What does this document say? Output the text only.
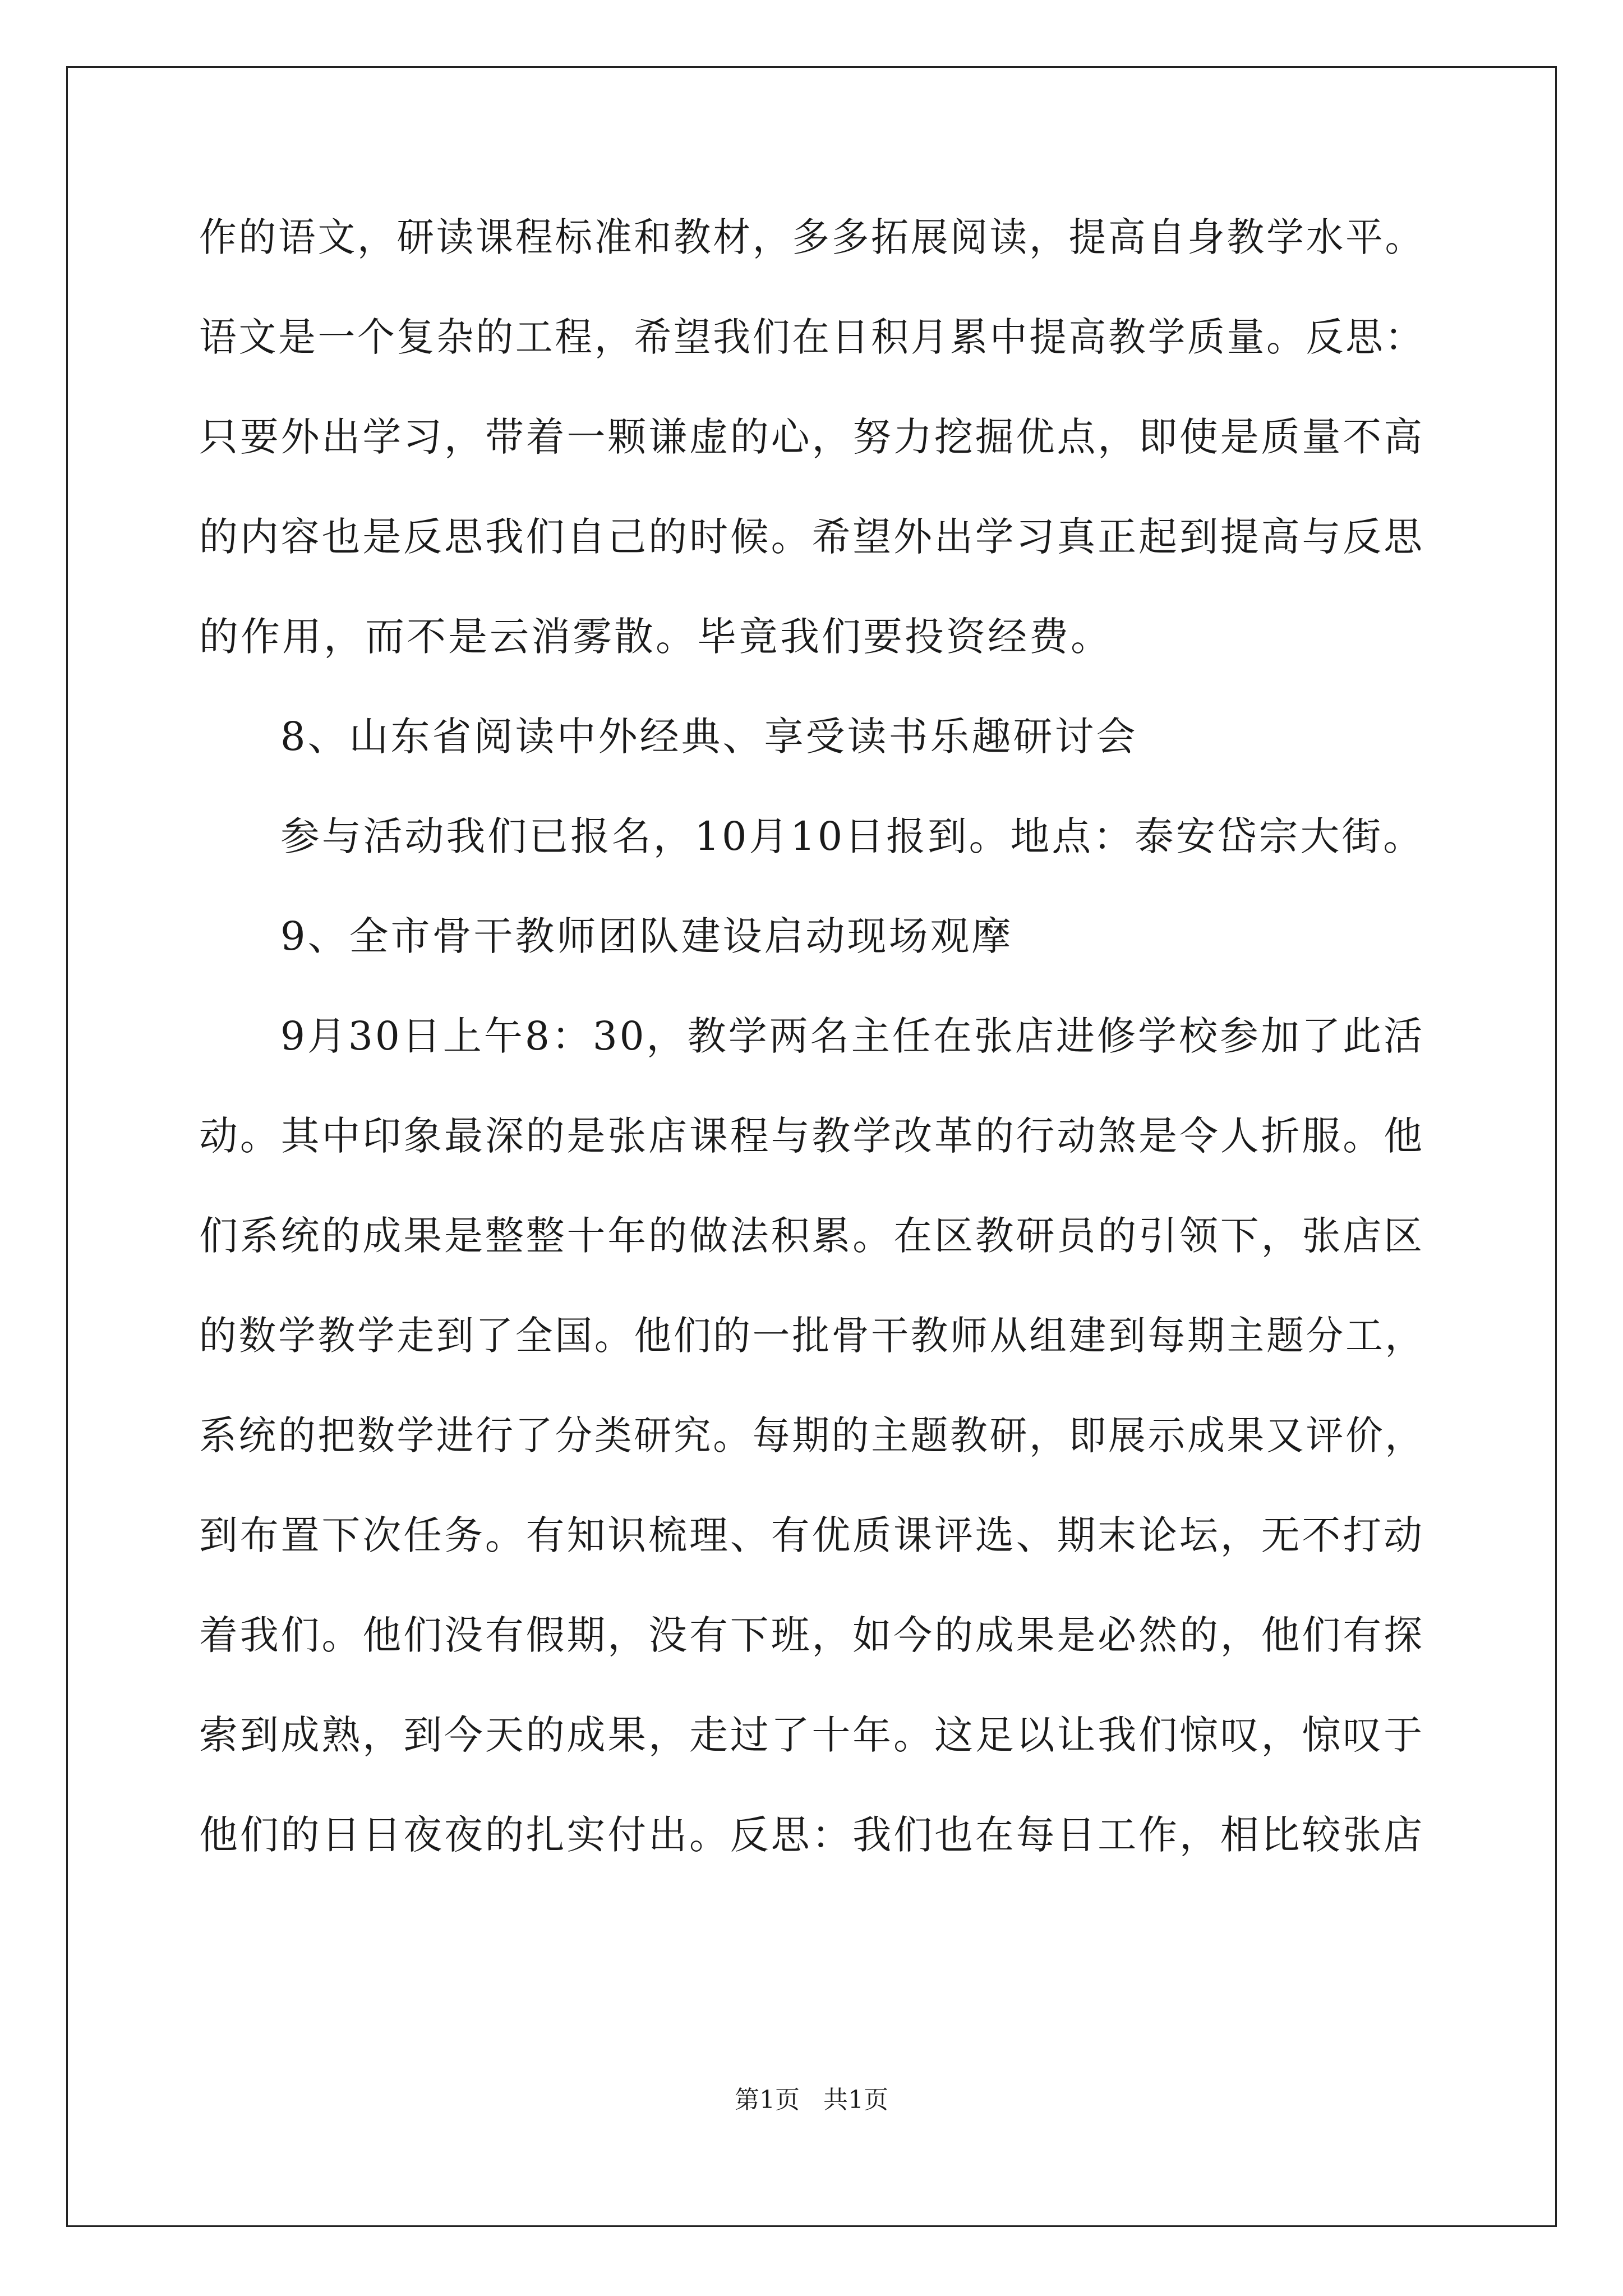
作的语文，研读课程标准和教材，多多拓展阅读，提高自身教学水平。
语文是一个复杂的工程，希望我们在日积月累中提高教学质量。反思：
只要外出学习，带着一颗谦虚的心，努力挖掘优点，即使是质量不高
的内容也是反思我们自己的时候。希望外出学习真正起到提高与反思
的作用，而不是云消雾散。毕竟我们要投资经费。
8、山东省阅读中外经典、享受读书乐趣研讨会
参与活动我们已报名，10月10日报到。地点：泰安岱宗大街。
9、全市骨干教师团队建设启动现场观摩
9月30日上午8：30，教学两名主任在张店进修学校参加了此活
动。其中印象最深的是张店课程与教学改革的行动煞是令人折服。他
们系统的成果是整整十年的做法积累。在区教研员的引领下，张店区
的数学教学走到了全国。他们的一批骨干教师从组建到每期主题分工，
系统的把数学进行了分类研究。每期的主题教研，即展示成果又评价，
到布置下次任务。有知识梳理、有优质课评选、期末论坛，无不打动
着我们。他们没有假期，没有下班，如今的成果是必然的，他们有探
索到成熟，到今天的成果，走过了十年。这足以让我们惊叹，惊叹于
他们的日日夜夜的扎实付出。反思：我们也在每日工作，相比较张店
第1页   共1页
